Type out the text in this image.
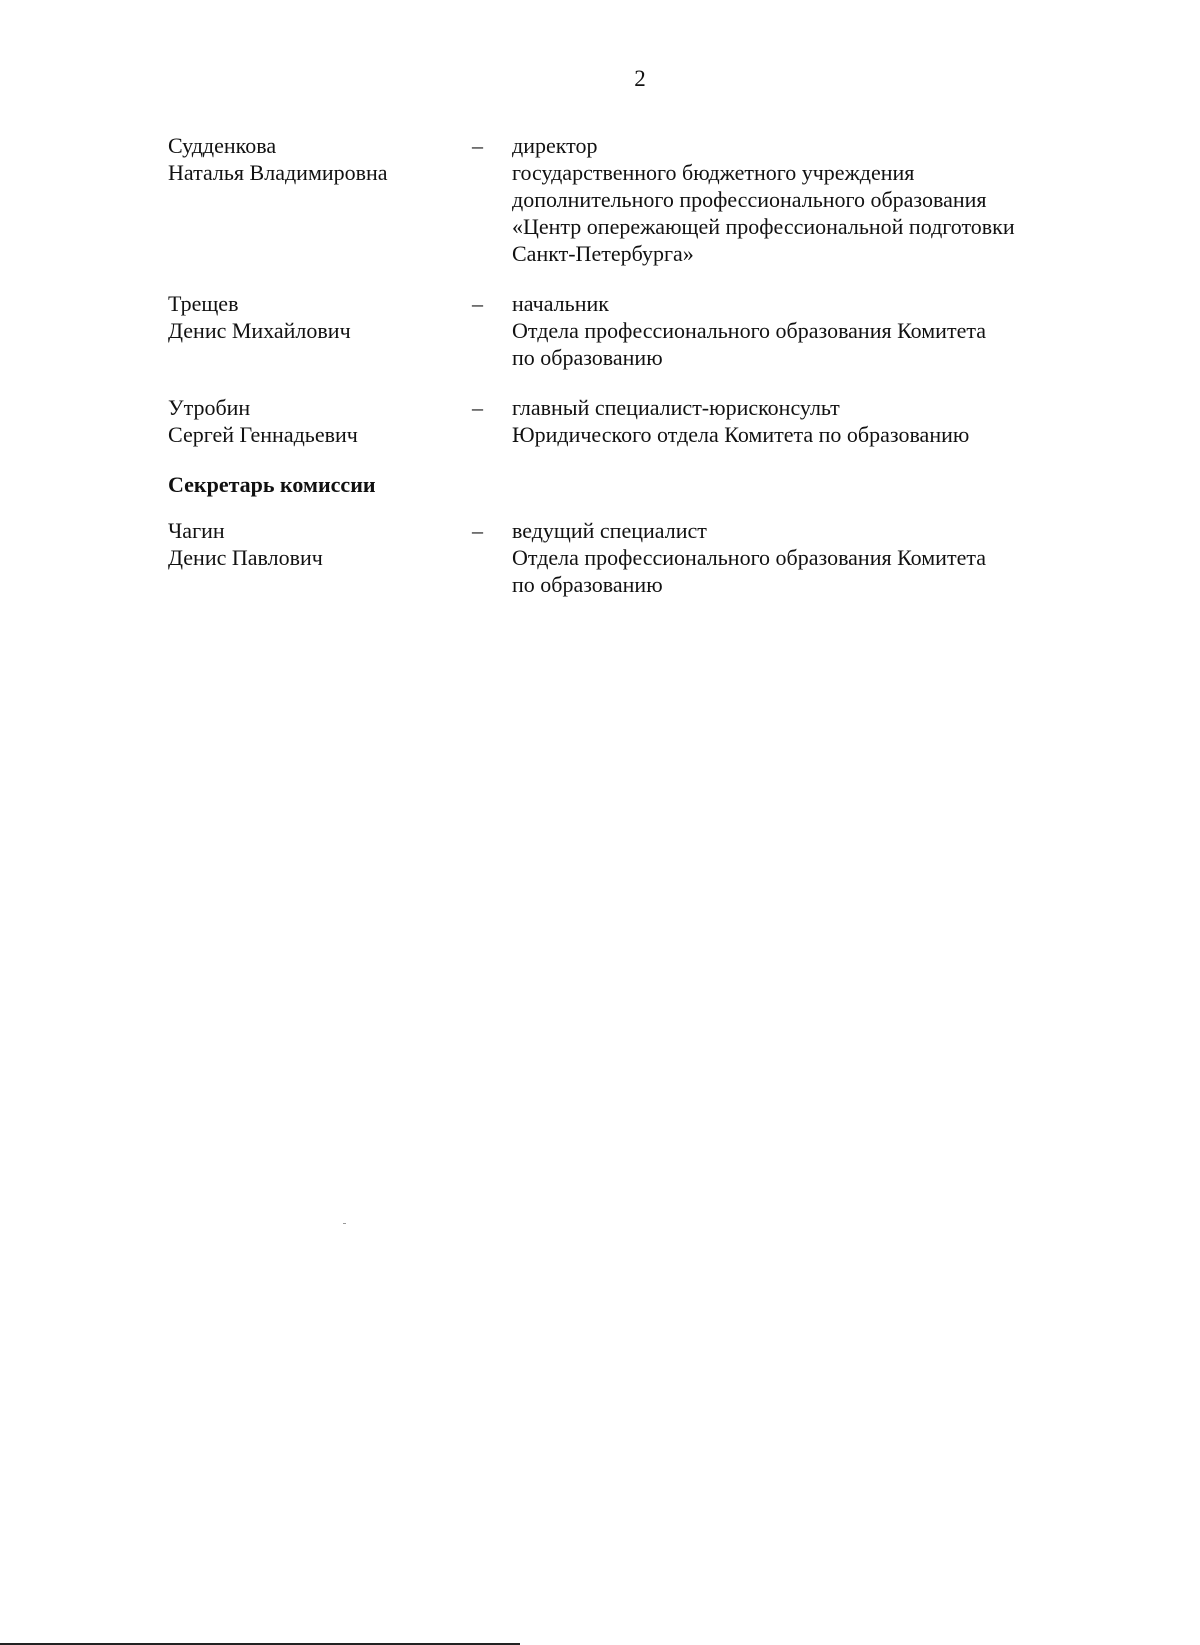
2
Судденкова
Наталья Владимировна
–	директор
государственного бюджетного учреждения
дополнительного профессионального образования
«Центр опережающей профессиональной подготовки
Санкт-Петербурга»
Трещев
Денис Михайлович
–	начальник
Отдела профессионального образования Комитета
по образованию
Утробин
Сергей Геннадьевич
–	главный специалист-юрисконсульт
Юридического отдела Комитета по образованию
Секретарь комиссии
Чагин
Денис Павлович
–	ведущий специалист
Отдела профессионального образования Комитета
по образованию
